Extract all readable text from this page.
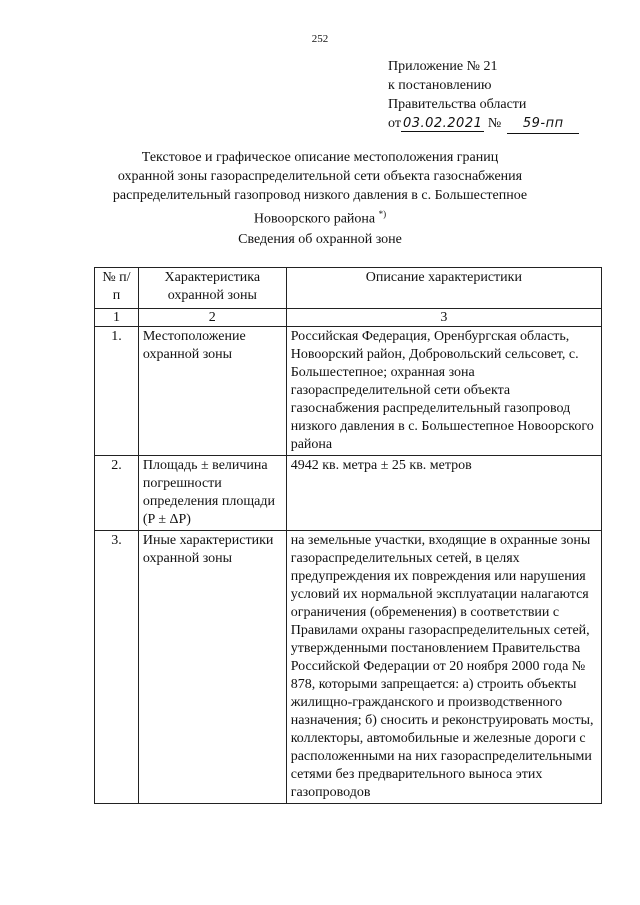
252
Приложение № 21
к постановлению
Правительства области
от 03.02.2021 № 59-пп
Текстовое и графическое описание местоположения границ
охранной зоны газораспределительной сети объекта газоснабжения
распределительный газопровод низкого давления в с. Большестепное
Новоорского района *)
Сведения об охранной зоне
№ п/п	Характеристика охранной зоны	Описание характеристики
1	2	3
1.	Местоположение охранной зоны	Российская Федерация, Оренбургская область, Новоорский район, Добровольский сельсовет, с. Большестепное; охранная зона газораспределительной сети объекта газоснабжения распределительный газопровод низкого давления в с. Большестепное Новоорского района
2.	Площадь ± величина погрешности определения площади (P ± ΔP)	4942 кв. метра ± 25 кв. метров
3.	Иные характеристики охранной зоны	на земельные участки, входящие в охранные зоны газораспределительных сетей, в целях предупреждения их повреждения или нарушения условий их нормальной эксплуатации налагаются ограничения (обременения) в соответствии с Правилами охраны газораспределительных сетей, утвержденными постановлением Правительства Российской Федерации от 20 ноября 2000 года № 878, которыми запрещается: а) строить объекты жилищно-гражданского и производственного назначения; б) сносить и реконструировать мосты, коллекторы, автомобильные и железные дороги с расположенными на них газораспределительными сетями без предварительного выноса этих газопроводов
